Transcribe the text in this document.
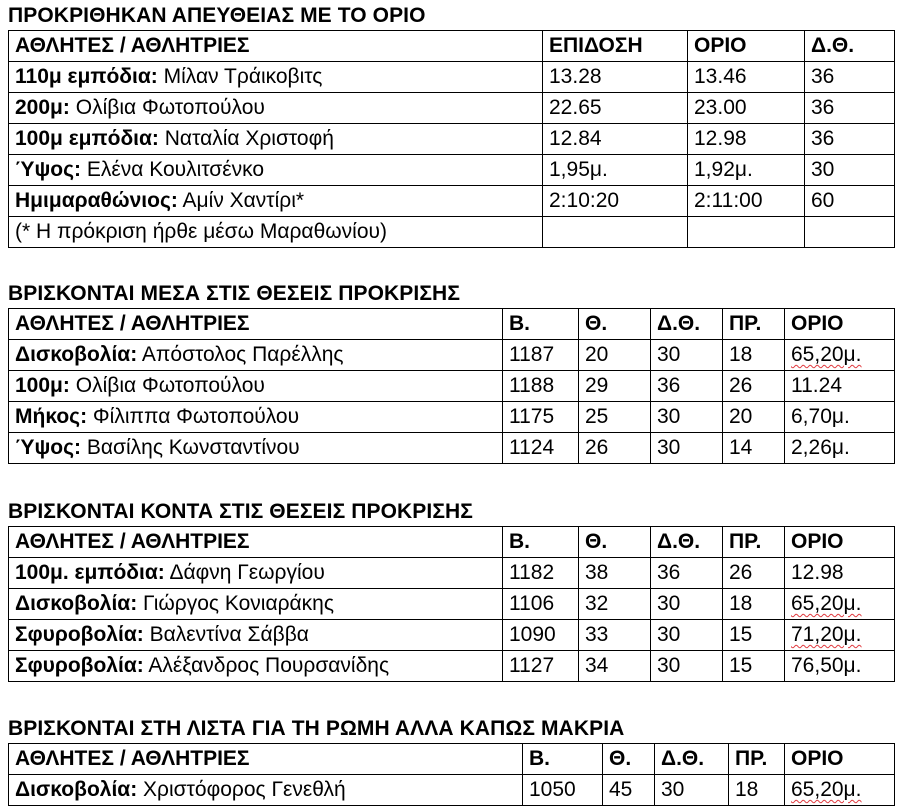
ΠΡΟΚΡΙΘΗΚΑΝ ΑΠΕΥΘΕΙΑΣ ΜΕ ΤΟ ΟΡΙΟ
ΑΘΛΗΤΕΣ / ΑΘΛΗΤΡΙΕΣ	ΕΠΙΔΟΣΗ	ΟΡΙΟ	Δ.Θ.
110μ εμπόδια: Μίλαν Τράικοβιτς	13.28	13.46	36
200μ: Ολίβια Φωτοπούλου	22.65	23.00	36
100μ εμπόδια: Ναταλία Χριστοφή	12.84	12.98	36
Ύψος: Ελένα Κουλιτσένκο	1,95μ.	1,92μ.	30
Ημιμαραθώνιος: Αμίν Χαντίρι*	2:10:20	2:11:00	60
(* Η πρόκριση ήρθε μέσω Μαραθωνίου)			
ΒΡΙΣΚΟΝΤΑΙ ΜΕΣΑ ΣΤΙΣ ΘΕΣΕΙΣ ΠΡΟΚΡΙΣΗΣ
ΑΘΛΗΤΕΣ / ΑΘΛΗΤΡΙΕΣ	Β.	Θ.	Δ.Θ.	ΠΡ.	ΟΡΙΟ
Δισκοβολία: Απόστολος Παρέλλης	1187	20	30	18	65,20μ.
100μ: Ολίβια Φωτοπούλου	1188	29	36	26	11.24
Μήκος: Φίλιππα Φωτοπούλου	1175	25	30	20	6,70μ.
Ύψος: Βασίλης Κωνσταντίνου	1124	26	30	14	2,26μ.
ΒΡΙΣΚΟΝΤΑΙ ΚΟΝΤΑ ΣΤΙΣ ΘΕΣΕΙΣ ΠΡΟΚΡΙΣΗΣ
ΑΘΛΗΤΕΣ / ΑΘΛΗΤΡΙΕΣ	Β.	Θ.	Δ.Θ.	ΠΡ.	ΟΡΙΟ
100μ. εμπόδια: Δάφνη Γεωργίου	1182	38	36	26	12.98
Δισκοβολία: Γιώργος Κονιαράκης	1106	32	30	18	65,20μ.
Σφυροβολία: Βαλεντίνα Σάββα	1090	33	30	15	71,20μ.
Σφυροβολία: Αλέξανδρος Πουρσανίδης	1127	34	30	15	76,50μ.
ΒΡΙΣΚΟΝΤΑΙ ΣΤΗ ΛΙΣΤΑ ΓΙΑ ΤΗ ΡΩΜΗ ΑΛΛΑ ΚΑΠΩΣ ΜΑΚΡΙΑ
ΑΘΛΗΤΕΣ / ΑΘΛΗΤΡΙΕΣ	Β.	Θ.	Δ.Θ.	ΠΡ.	ΟΡΙΟ
Δισκοβολία: Χριστόφορος Γενεθλή	1050	45	30	18	65,20μ.
